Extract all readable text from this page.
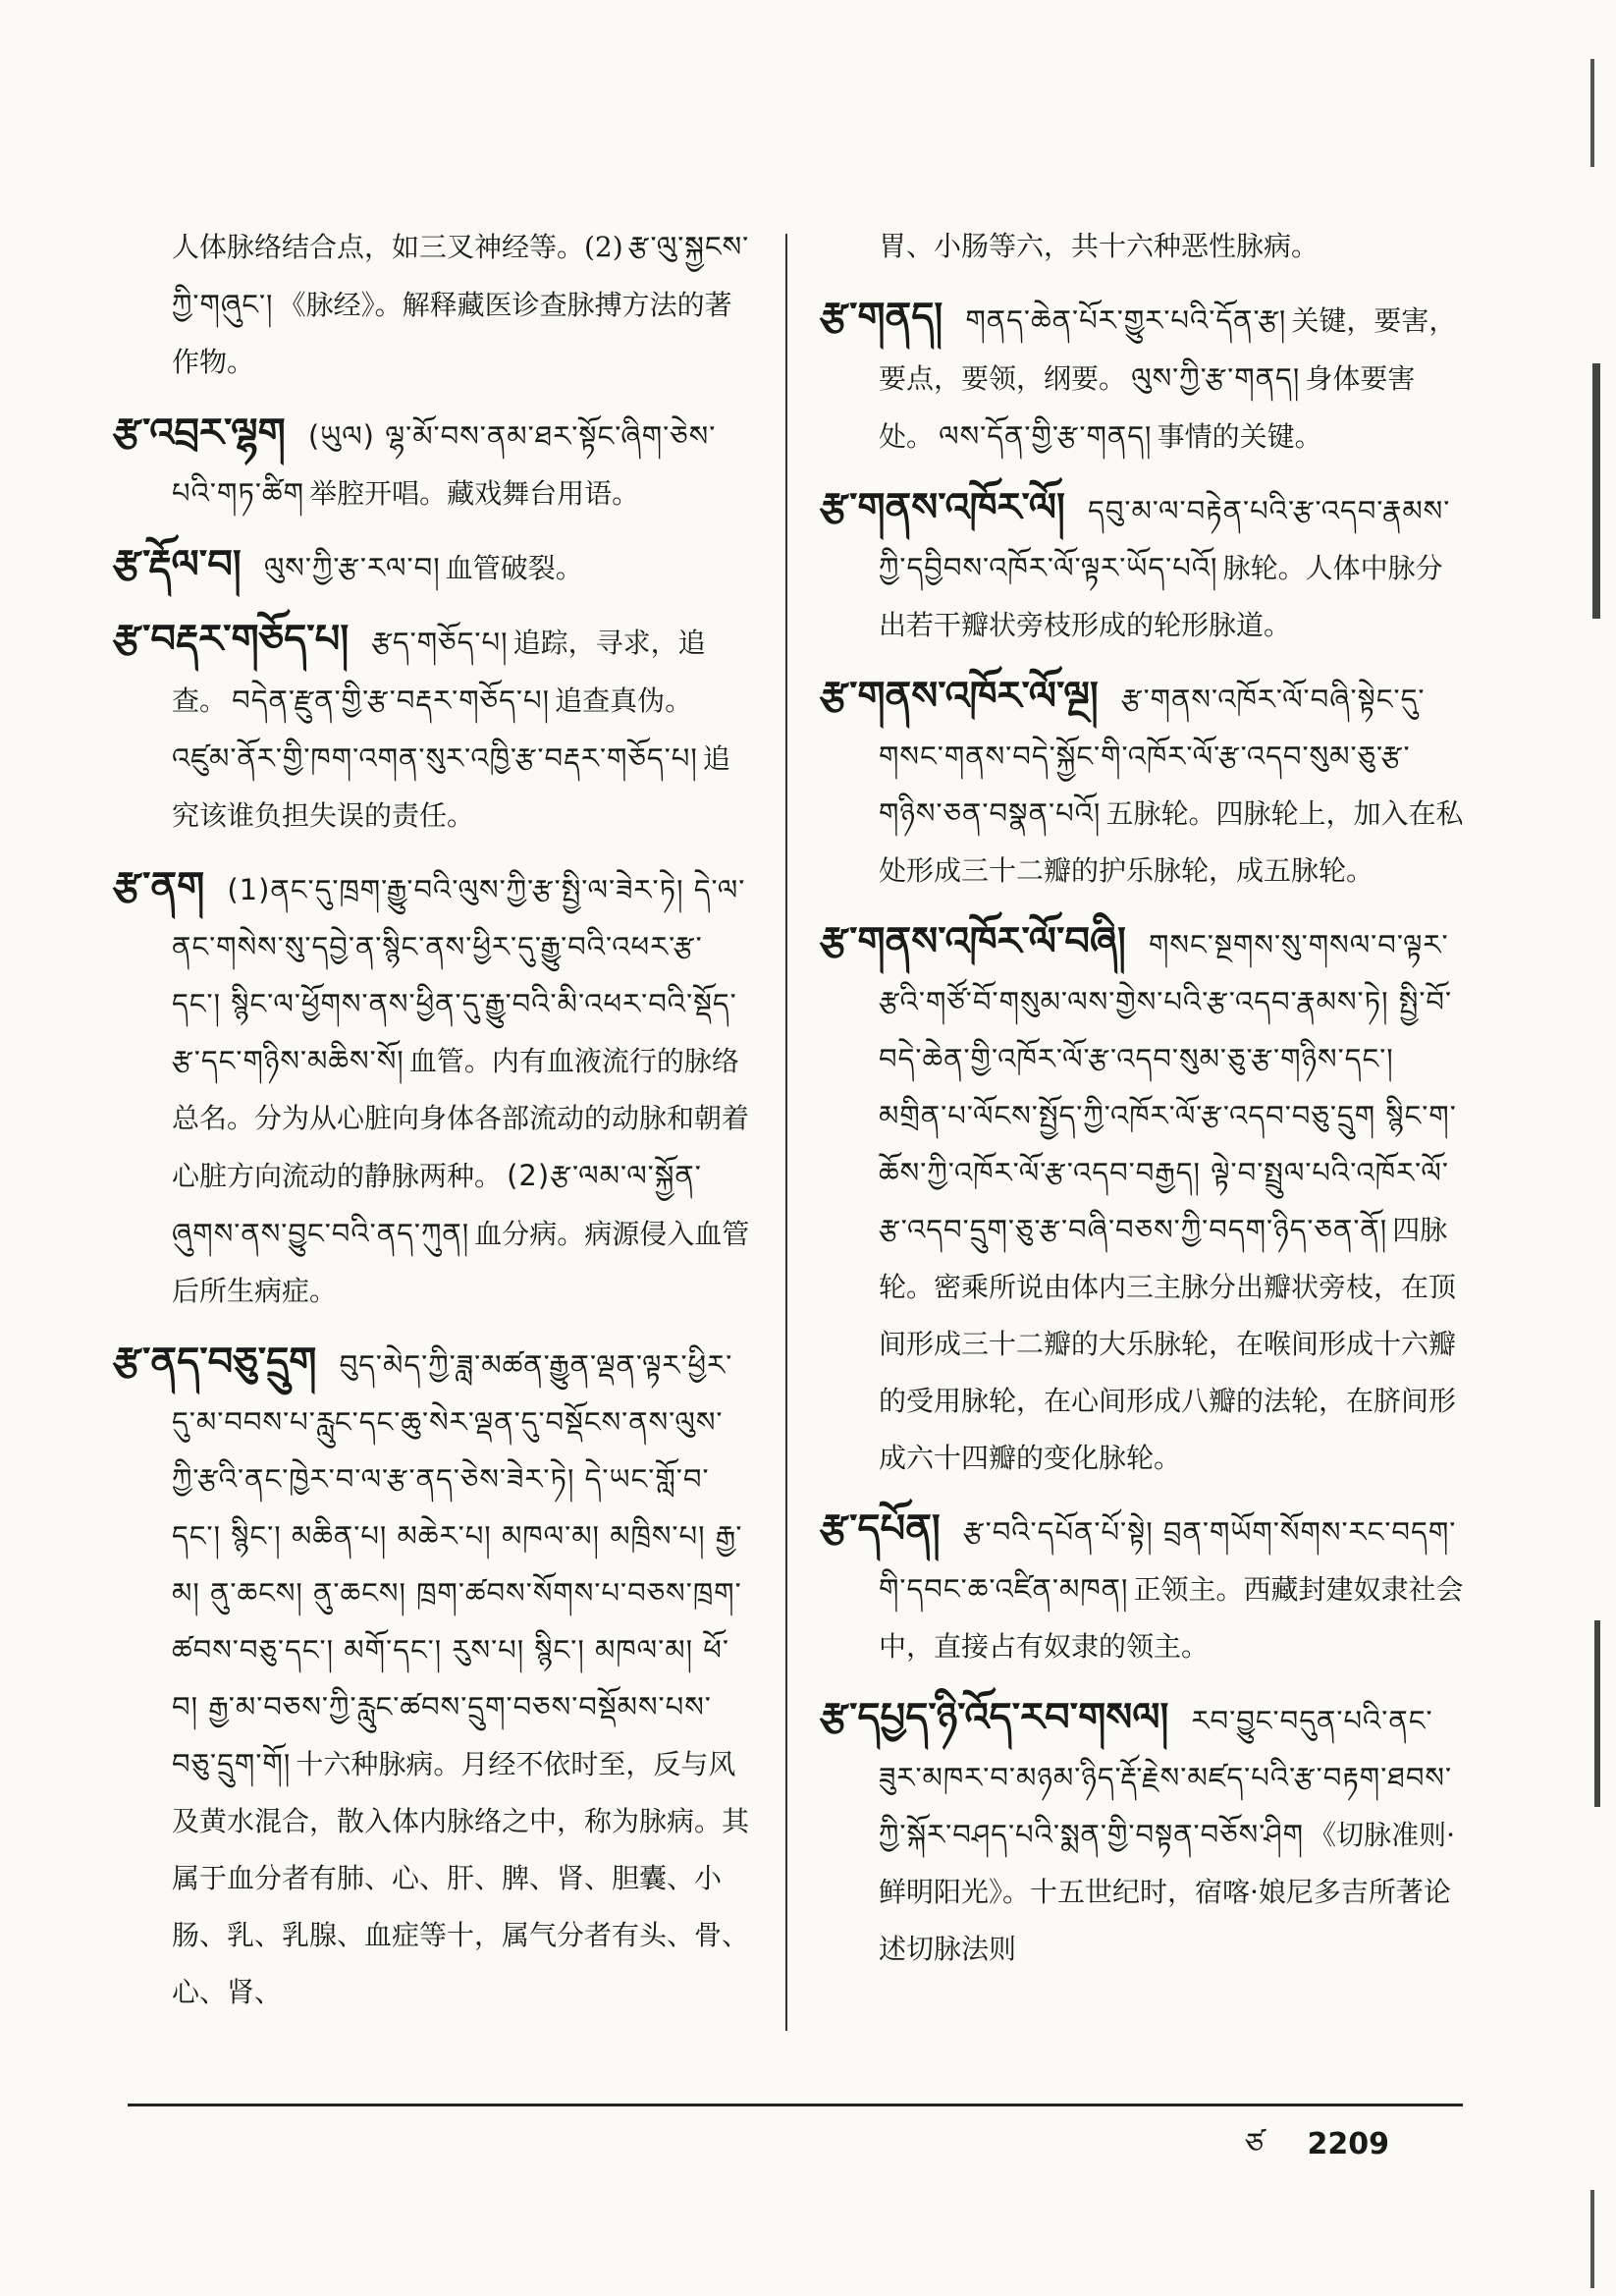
人体脉络结合点，如三叉神经等。(2) རྩ་ལུ་སྐྱངས་ཀྱི་གཞུང་། 《脉经》。解释藏医诊查脉搏方法的著作物。
རྩ་འབྲར་ལྷག (ཡུལ) ལྷ་མོ་བས་ནམ་ཐར་སྟོང་ཞིག་ཅེས་པའི་གཏ་ཚིག 举腔开唱。藏戏舞台用语。
རྩ་རྡོལ་བ། ལུས་ཀྱི་རྩ་རལ་བ། 血管破裂。
རྩ་བརྡར་གཅོད་པ། རྩད་གཅོད་པ། 追踪，寻求，追查。 བདེན་རྫུན་གྱི་རྩ་བརྡར་གཅོད་པ། 追查真伪。 འཛུམ་ནོར་གྱི་ཁག་འགན་སུར་འཁྱི་རྩ་བརྡར་གཅོད་པ། 追究该谁负担失误的责任。
རྩ་ནག (1)ནང་དུ་ཁྲག་རྒྱུ་བའི་ལུས་ཀྱི་རྩ་སྤྱི་ལ་ཟེར་ཏེ། དེ་ལ་ནང་གསེས་སུ་དབྱེ་ན་སྙིང་ནས་ཕྱིར་དུ་རྒྱུ་བའི་འཕར་རྩ་དང་། སྙིང་ལ་ཕྱོགས་ནས་ཕྱིན་དུ་རྒྱུ་བའི་མི་འཕར་བའི་སྡོད་རྩ་དང་གཉིས་མཆིས་སོ། 血管。内有血液流行的脉络总名。分为从心脏向身体各部流动的动脉和朝着心脏方向流动的静脉两种。 (2)རྩ་ལམ་ལ་སྐྱོན་ཞུགས་ནས་བྱུང་བའི་ནད་ཀུན། 血分病。病源侵入血管后所生病症。
རྩ་ནད་བཅུ་དྲུག བུད་མེད་ཀྱི་ཟླ་མཚན་རྒྱུན་ལྡན་ལྟར་ཕྱིར་དུ་མ་བབས་པ་རླུང་དང་ཆུ་སེར་ལྡན་དུ་བསྡོངས་ནས་ལུས་ཀྱི་རྩའི་ནང་ཁྱེར་བ་ལ་རྩ་ནད་ཅེས་ཟེར་ཏེ། དེ་ཡང་གློ་བ་དང་། སྙིང་། མཆིན་པ། མཆེར་པ། མཁལ་མ། མཁྲིས་པ། རྒྱ་མ། ནུ་ཆངས། ནུ་ཆངས། ཁྲག་ཚབས་སོགས་པ་བཅས་ཁྲག་ཚབས་བཅུ་དང་། མགོ་དང་། རུས་པ། སྙིང་། མཁལ་མ། ཕོ་བ། རྒྱ་མ་བཅས་ཀྱི་རླུང་ཚབས་དྲུག་བཅས་བསྡོམས་པས་བཅུ་དྲུག་གོ། 十六种脉病。月经不依时至，反与风及黄水混合，散入体内脉络之中，称为脉病。其属于血分者有肺、心、肝、脾、肾、胆囊、小肠、乳、乳腺、血症等十，属气分者有头、骨、心、肾、
胃、小肠等六，共十六种恶性脉病。
རྩ་གནད། གནད་ཆེན་པོར་གྱུར་པའི་དོན་རྩ། 关键，要害，要点，要领，纲要。 ལུས་ཀྱི་རྩ་གནད། 身体要害处。 ལས་དོན་གྱི་རྩ་གནད། 事情的关键。
རྩ་གནས་འཁོར་ལོ། དབུ་མ་ལ་བརྟེན་པའི་རྩ་འདབ་རྣམས་ཀྱི་དབྱིབས་འཁོར་ལོ་ལྟར་ཡོད་པའོ། 脉轮。人体中脉分出若干瓣状旁枝形成的轮形脉道。
རྩ་གནས་འཁོར་ལོ་ལྔ། རྩ་གནས་འཁོར་ལོ་བཞི་སྟེང་དུ་གསང་གནས་བདེ་སྐྱོང་གི་འཁོར་ལོ་རྩ་འདབ་སུམ་ཅུ་རྩ་གཉིས་ཅན་བསྣན་པའོ། 五脉轮。四脉轮上，加入在私处形成三十二瓣的护乐脉轮，成五脉轮。
རྩ་གནས་འཁོར་ལོ་བཞི། གསང་སྔགས་སུ་གསལ་བ་ལྟར་རྩའི་གཙོ་བོ་གསུམ་ལས་གྱེས་པའི་རྩ་འདབ་རྣམས་ཏེ། སྤྱི་བོ་བདེ་ཆེན་གྱི་འཁོར་ལོ་རྩ་འདབ་སུམ་ཅུ་རྩ་གཉིས་དང་། མགྲིན་པ་ལོངས་སྤྱོད་ཀྱི་འཁོར་ལོ་རྩ་འདབ་བཅུ་དྲུག སྙིང་ག་ཆོས་ཀྱི་འཁོར་ལོ་རྩ་འདབ་བརྒྱད། ལྟེ་བ་སྤྲུལ་པའི་འཁོར་ལོ་རྩ་འདབ་དྲུག་ཅུ་རྩ་བཞི་བཅས་ཀྱི་བདག་ཉིད་ཅན་ནོ། 四脉轮。密乘所说由体内三主脉分出瓣状旁枝，在顶间形成三十二瓣的大乐脉轮，在喉间形成十六瓣的受用脉轮，在心间形成八瓣的法轮，在脐间形成六十四瓣的变化脉轮。
རྩ་དཔོན། རྩ་བའི་དཔོན་པོ་སྟེ། བྲན་གཡོག་སོགས་རང་བདག་གི་དབང་ཆ་འཛིན་མཁན། 正领主。西藏封建奴隶社会中，直接占有奴隶的领主。
རྩ་དཔྱད་ཉི་འོད་རབ་གསལ། རབ་བྱུང་བདུན་པའི་ནང་ཟུར་མཁར་བ་མཉམ་ཉིད་རྡོ་རྗེས་མཛད་པའི་རྩ་བརྟག་ཐབས་ཀྱི་སྐོར་བཤད་པའི་སྨན་གྱི་བསྟན་བཅོས་ཤིག 《切脉准则·鲜明阳光》。十五世纪时，宿喀·娘尼多吉所著论述切脉法则
ཙ 2209
